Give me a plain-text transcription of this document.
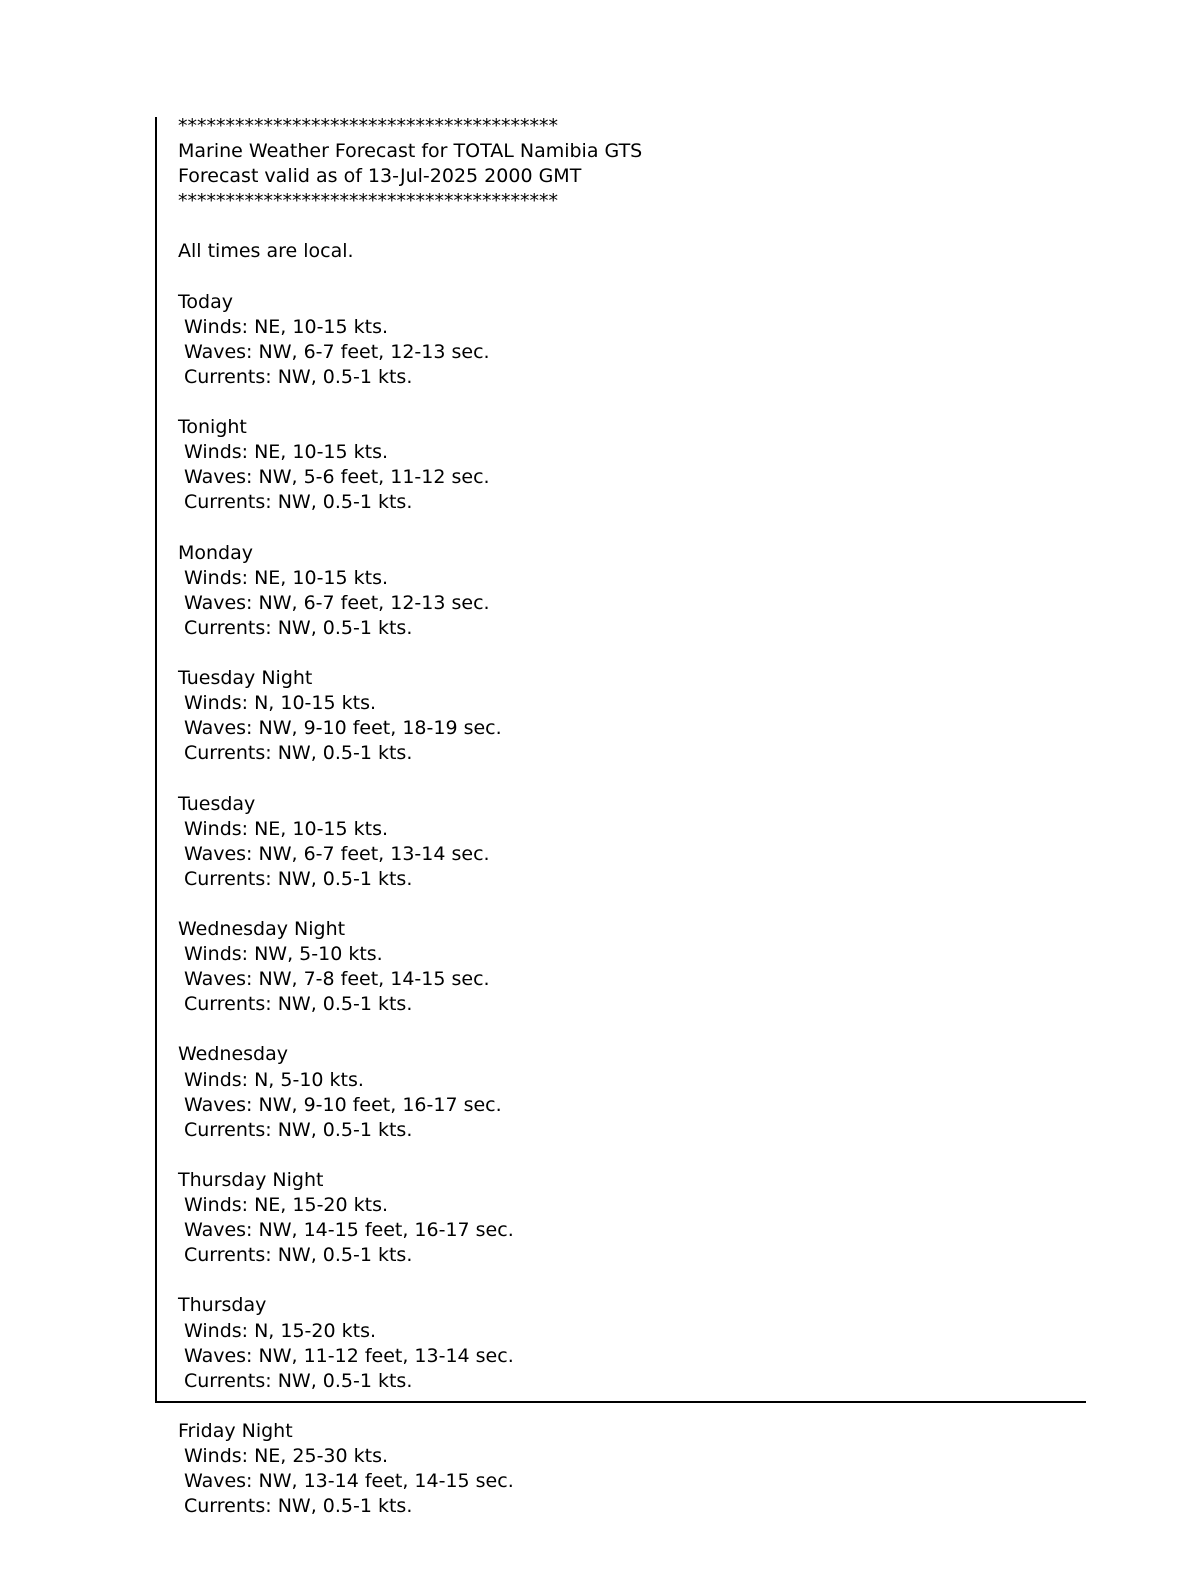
****************************************
Marine Weather Forecast for TOTAL Namibia GTS
Forecast valid as of 13-Jul-2025 2000 GMT
****************************************
All times are local.
Today
Winds: NE, 10-15 kts.
Waves: NW, 6-7 feet, 12-13 sec.
Currents: NW, 0.5-1 kts.
Tonight
Winds: NE, 10-15 kts.
Waves: NW, 5-6 feet, 11-12 sec.
Currents: NW, 0.5-1 kts.
Monday
Winds: NE, 10-15 kts.
Waves: NW, 6-7 feet, 12-13 sec.
Currents: NW, 0.5-1 kts.
Tuesday Night
Winds: N, 10-15 kts.
Waves: NW, 9-10 feet, 18-19 sec.
Currents: NW, 0.5-1 kts.
Tuesday
Winds: NE, 10-15 kts.
Waves: NW, 6-7 feet, 13-14 sec.
Currents: NW, 0.5-1 kts.
Wednesday Night
Winds: NW, 5-10 kts.
Waves: NW, 7-8 feet, 14-15 sec.
Currents: NW, 0.5-1 kts.
Wednesday
Winds: N, 5-10 kts.
Waves: NW, 9-10 feet, 16-17 sec.
Currents: NW, 0.5-1 kts.
Thursday Night
Winds: NE, 15-20 kts.
Waves: NW, 14-15 feet, 16-17 sec.
Currents: NW, 0.5-1 kts.
Thursday
Winds: N, 15-20 kts.
Waves: NW, 11-12 feet, 13-14 sec.
Currents: NW, 0.5-1 kts.
Friday Night
Winds: NE, 25-30 kts.
Waves: NW, 13-14 feet, 14-15 sec.
Currents: NW, 0.5-1 kts.
